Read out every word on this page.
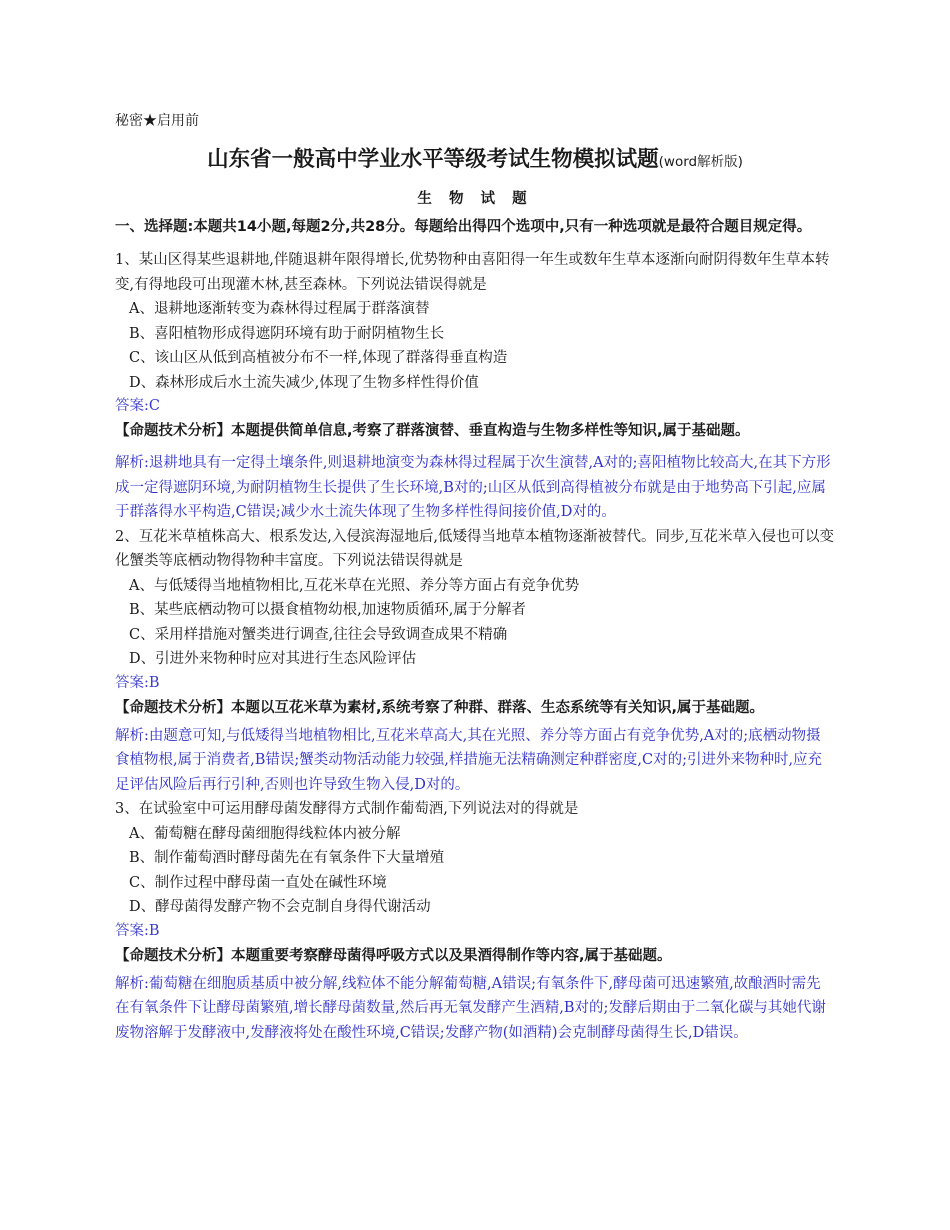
秘密★启用前

山东省一般高中学业水平等级考试生物模拟试题(word解析版)

生 物 试 题

一、选择题:本题共14小题,每题2分,共28分。每题给出得四个选项中,只有一种选项就是最符合题目规定得。

1、某山区得某些退耕地,伴随退耕年限得增长,优势物种由喜阳得一年生或数年生草本逐渐向耐阴得数年生草本转变,有得地段可出现灌木林,甚至森林。下列说法错误得就是

A、退耕地逐渐转变为森林得过程属于群落演替

B、喜阳植物形成得遮阴环境有助于耐阴植物生长

C、该山区从低到高植被分布不一样,体现了群落得垂直构造

D、森林形成后水土流失减少,体现了生物多样性得价值

答案:C

【命题技术分析】本题提供简单信息,考察了群落演替、垂直构造与生物多样性等知识,属于基础题。

解析:退耕地具有一定得土壤条件,则退耕地演变为森林得过程属于次生演替,A对的;喜阳植物比较高大,在其下方形成一定得遮阴环境,为耐阴植物生长提供了生长环境,B对的;山区从低到高得植被分布就是由于地势高下引起,应属于群落得水平构造,C错误;减少水土流失体现了生物多样性得间接价值,D对的。

2、互花米草植株高大、根系发达,入侵滨海湿地后,低矮得当地草本植物逐渐被替代。同步,互花米草入侵也可以变化蟹类等底栖动物得物种丰富度。下列说法错误得就是

A、与低矮得当地植物相比,互花米草在光照、养分等方面占有竞争优势

B、某些底栖动物可以摄食植物幼根,加速物质循环,属于分解者

C、采用样措施对蟹类进行调查,往往会导致调查成果不精确

D、引进外来物种时应对其进行生态风险评估

答案:B

【命题技术分析】本题以互花米草为素材,系统考察了种群、群落、生态系统等有关知识,属于基础题。

解析:由题意可知,与低矮得当地植物相比,互花米草高大,其在光照、养分等方面占有竞争优势,A对的;底栖动物摄食植物根,属于消费者,B错误;蟹类动物活动能力较强,样措施无法精确测定种群密度,C对的;引进外来物种时,应充足评估风险后再行引种,否则也许导致生物入侵,D对的。

3、在试验室中可运用酵母菌发酵得方式制作葡萄酒,下列说法对的得就是

A、葡萄糖在酵母菌细胞得线粒体内被分解

B、制作葡萄酒时酵母菌先在有氧条件下大量增殖

C、制作过程中酵母菌一直处在碱性环境

D、酵母菌得发酵产物不会克制自身得代谢活动

答案:B

【命题技术分析】本题重要考察酵母菌得呼吸方式以及果酒得制作等内容,属于基础题。

解析:葡萄糖在细胞质基质中被分解,线粒体不能分解葡萄糖,A错误;有氧条件下,酵母菌可迅速繁殖,故酿酒时需先在有氧条件下让酵母菌繁殖,增长酵母菌数量,然后再无氧发酵产生酒精,B对的;发酵后期由于二氧化碳与其她代谢废物溶解于发酵液中,发酵液将处在酸性环境,C错误;发酵产物(如酒精)会克制酵母菌得生长,D错误。
